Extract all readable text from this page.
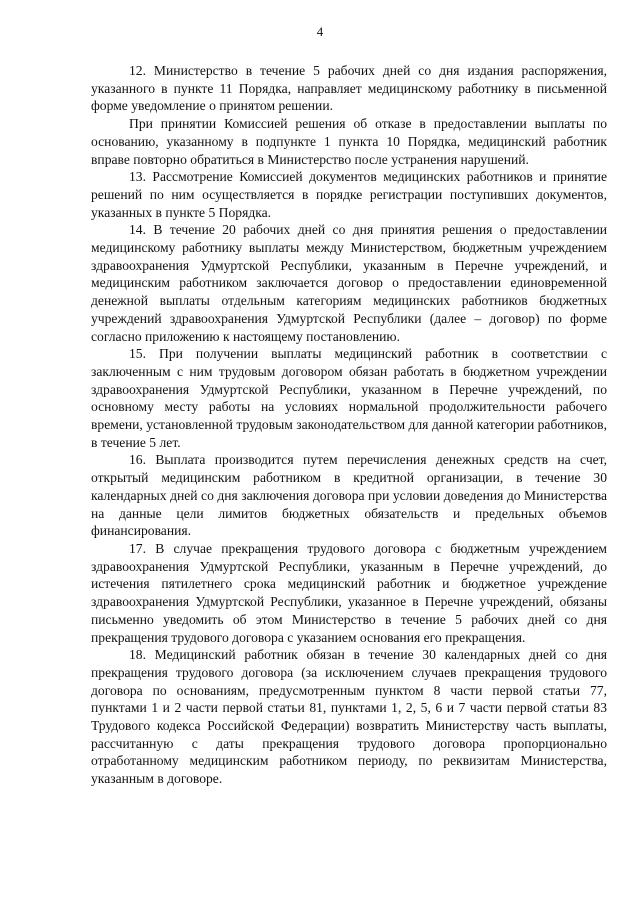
4

12. Министерство в течение 5 рабочих дней со дня издания распоряжения, указанного в пункте 11 Порядка, направляет медицинскому работнику в письменной форме уведомление о принятом решении.

При принятии Комиссией решения об отказе в предоставлении выплаты по основанию, указанному в подпункте 1 пункта 10 Порядка, медицинский работник вправе повторно обратиться в Министерство после устранения нарушений.

13. Рассмотрение Комиссией документов медицинских работников и принятие решений по ним осуществляется в порядке регистрации поступивших документов, указанных в пункте 5 Порядка.

14. В течение 20 рабочих дней со дня принятия решения о предоставлении медицинскому работнику выплаты между Министерством, бюджетным учреждением здравоохранения Удмуртской Республики, указанным в Перечне учреждений, и медицинским работником заключается договор о предоставлении единовременной денежной выплаты отдельным категориям медицинских работников бюджетных учреждений здравоохранения Удмуртской Республики (далее – договор) по форме согласно приложению к настоящему постановлению.

15. При получении выплаты медицинский работник в соответствии с заключенным с ним трудовым договором обязан работать в бюджетном учреждении здравоохранения Удмуртской Республики, указанном в Перечне учреждений, по основному месту работы на условиях нормальной продолжительности рабочего времени, установленной трудовым законодательством для данной категории работников, в течение 5 лет.

16. Выплата производится путем перечисления денежных средств на счет, открытый медицинским работником в кредитной организации, в течение 30 календарных дней со дня заключения договора при условии доведения до Министерства на данные цели лимитов бюджетных обязательств и предельных объемов финансирования.

17. В случае прекращения трудового договора с бюджетным учреждением здравоохранения Удмуртской Республики, указанным в Перечне учреждений, до истечения пятилетнего срока медицинский работник и бюджетное учреждение здравоохранения Удмуртской Республики, указанное в Перечне учреждений, обязаны письменно уведомить об этом Министерство в течение 5 рабочих дней со дня прекращения трудового договора с указанием основания его прекращения.

18. Медицинский работник обязан в течение 30 календарных дней со дня прекращения трудового договора (за исключением случаев прекращения трудового договора по основаниям, предусмотренным пунктом 8 части первой статьи 77, пунктами 1 и 2 части первой статьи 81, пунктами 1, 2, 5, 6 и 7 части первой статьи 83 Трудового кодекса Российской Федерации) возвратить Министерству часть выплаты, рассчитанную с даты прекращения трудового договора пропорционально отработанному медицинским работником периоду, по реквизитам Министерства, указанным в договоре.
